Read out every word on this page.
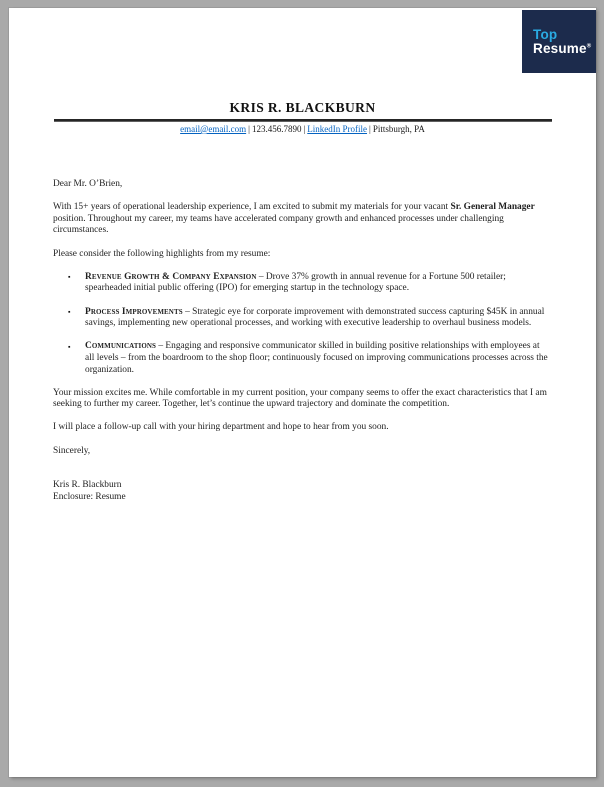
Top
Resume®
KRIS R. BLACKBURN
email@email.com | 123.456.7890 | LinkedIn Profile | Pittsburgh, PA

Dear Mr. O’Brien,

With 15+ years of operational leadership experience, I am excited to submit my materials for your vacant Sr. General Manager position. Throughout my career, my teams have accelerated company growth and enhanced processes under challenging circumstances.

Please consider the following highlights from my resume:

▪ Revenue Growth & Company Expansion – Drove 37% growth in annual revenue for a Fortune 500 retailer; spearheaded initial public offering (IPO) for emerging startup in the technology space.
▪ Process Improvements – Strategic eye for corporate improvement with demonstrated success capturing $45K in annual savings, implementing new operational processes, and working with executive leadership to overhaul business models.
▪ Communications – Engaging and responsive communicator skilled in building positive relationships with employees at all levels – from the boardroom to the shop floor; continuously focused on improving communications processes across the organization.

Your mission excites me. While comfortable in my current position, your company seems to offer the exact characteristics that I am seeking to further my career. Together, let’s continue the upward trajectory and dominate the competition.

I will place a follow-up call with your hiring department and hope to hear from you soon.

Sincerely,

Kris R. Blackburn

Enclosure: Resume
